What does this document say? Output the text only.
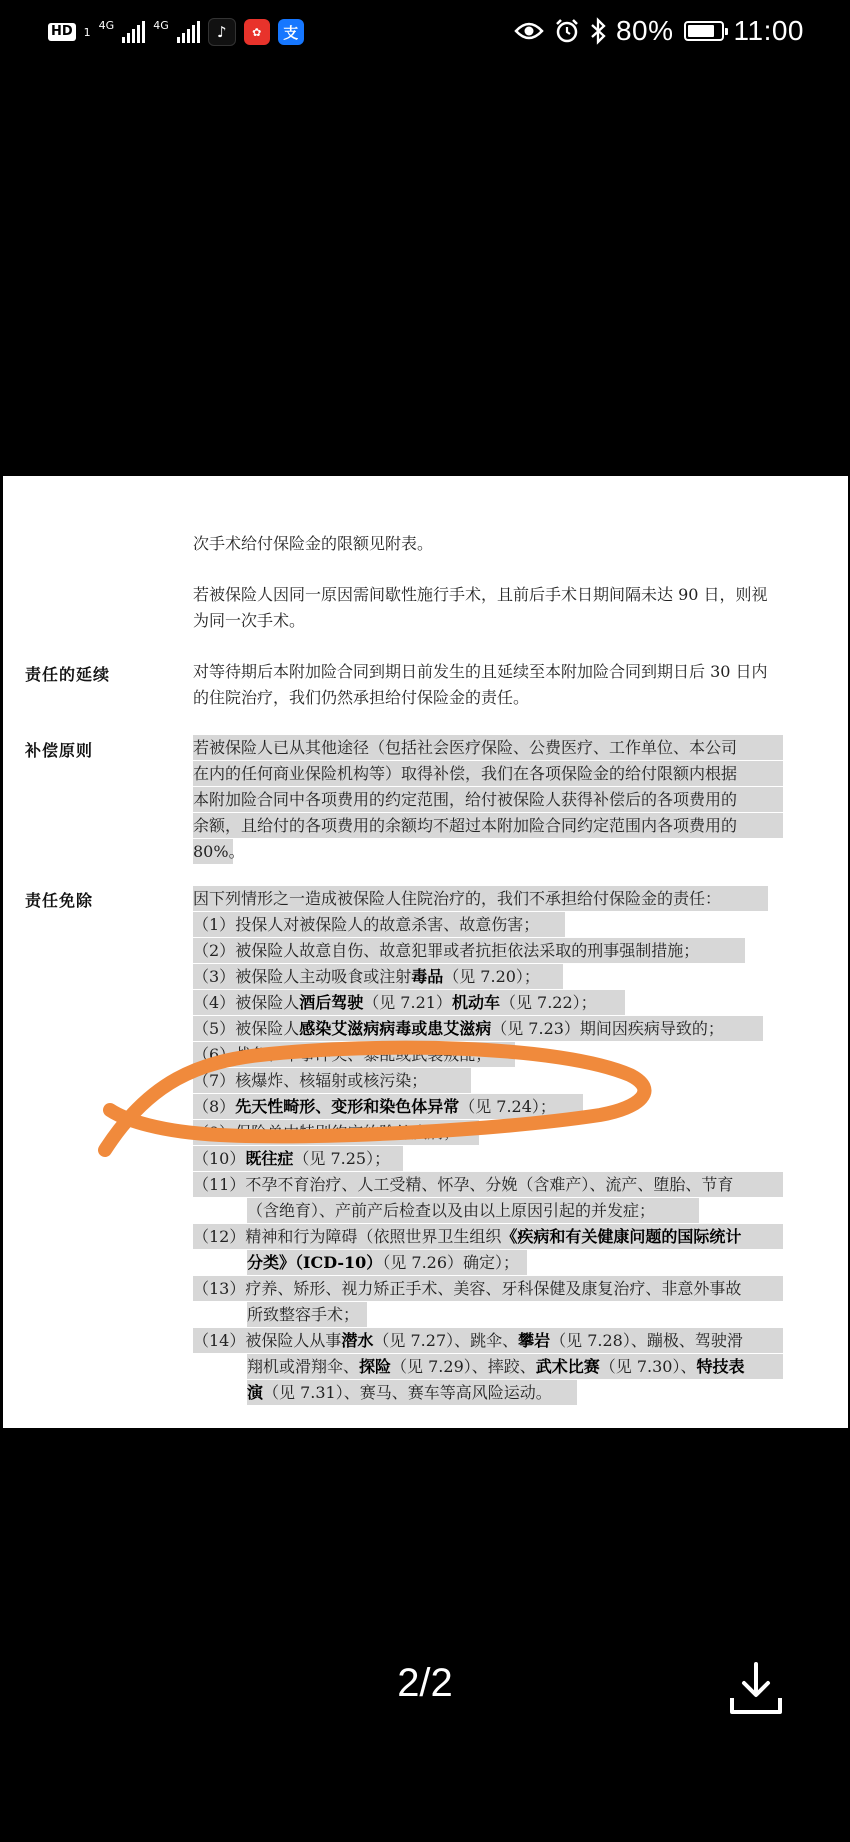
HD 1
4G	4G	♪	✿	支	80% 11:00

次手术给付保险金的限额见附表。

若被保险人因同一原因需间歇性施行手术，且前后手术日期间隔未达 90 日，则视为同一次手术。

责任的延续	对等待期后本附加险合同到期日前发生的且延续至本附加险合同到期日后 30 日内的住院治疗，我们仍然承担给付保险金的责任。

补偿原则	若被保险人已从其他途径（包括社会医疗保险、公费医疗、工作单位、本公司
在内的任何商业保险机构等）取得补偿，我们在各项保险金的给付限额内根据
本附加险合同中各项费用的约定范围，给付被保险人获得补偿后的各项费用的
余额，且给付的各项费用的余额均不超过本附加险合同约定范围内各项费用的
80%。
责任免除	因下列情形之一造成被保险人住院治疗的，我们不承担给付保险金的责任：
（1）投保人对被保险人的故意杀害、故意伤害；
（2）被保险人故意自伤、故意犯罪或者抗拒依法采取的刑事强制措施；
（3）被保险人主动吸食或注射毒品（见 7.20）；
（4）被保险人酒后驾驶（见 7.21）机动车（见 7.22）；
（5）被保险人感染艾滋病病毒或患艾滋病（见 7.23）期间因疾病导致的；
（6）战争、军事冲突、暴乱或武装叛乱；
（7）核爆炸、核辐射或核污染；
（8）先天性畸形、变形和染色体异常（见 7.24）；
（9）保险单中特别约定的除外疾病；
（10）既往症（见 7.25）；
（11）不孕不育治疗、人工受精、怀孕、分娩（含难产）、流产、堕胎、节育
（含绝育）、产前产后检查以及由以上原因引起的并发症；
（12）精神和行为障碍（依照世界卫生组织《疾病和有关健康问题的国际统计
分类》（ICD-10）（见 7.26）确定）；
（13）疗养、矫形、视力矫正手术、美容、牙科保健及康复治疗、非意外事故
所致整容手术；
（14）被保险人从事潜水（见 7.27）、跳伞、攀岩（见 7.28）、蹦极、驾驶滑
翔机或滑翔伞、探险（见 7.29）、摔跤、武术比赛（见 7.30）、特技表
演（见 7.31）、赛马、赛车等高风险运动。
2/2
